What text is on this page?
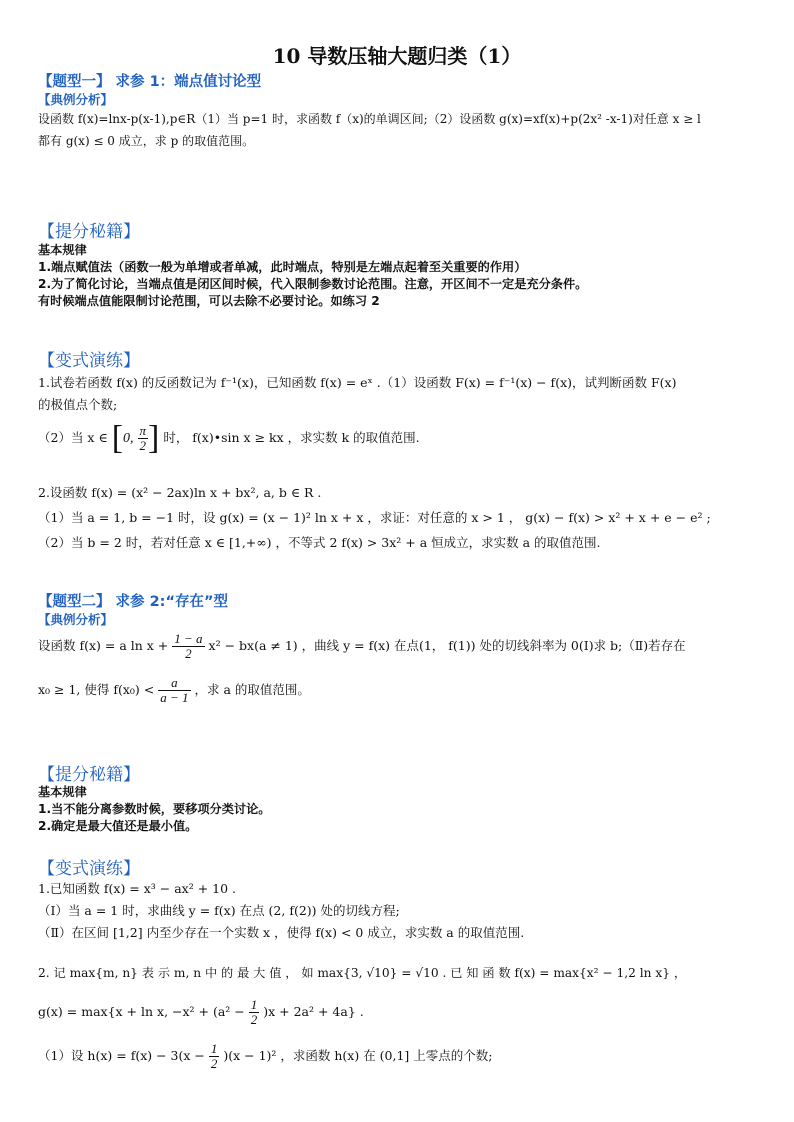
10 导数压轴大题归类（1）
【题型一】 求参 1：端点值讨论型
【典例分析】
设函数 f(x)=lnx-p(x-1),p∈R（1）当 p=1 时，求函数 f（x)的单调区间;（2）设函数 g(x)=xf(x)+p(2x² -x-1)对任意 x ≥ l
都有 g(x) ≤ 0 成立，求 p 的取值范围。
【提分秘籍】
基本规律
1.端点赋值法（函数一般为单增或者单减，此时端点，特别是左端点起着至关重要的作用）
2.为了简化讨论，当端点值是闭区间时候，代入限制参数讨论范围。注意，开区间不一定是充分条件。
有时候端点值能限制讨论范围，可以去除不必要讨论。如练习 2
【变式演练】
1.试卷若函数 f(x) 的反函数记为 f⁻¹(x)，已知函数 f(x) = eˣ .（1）设函数 F(x) = f⁻¹(x) − f(x)，试判断函数 F(x)
的极值点个数;
（2）当 x ∈ [0, $\frac{\pi}{2}$ ] 时， f(x)•sin x ≥ kx ，求实数 k 的取值范围.
2.设函数 f(x) = (x² − 2ax)ln x + bx², a, b ∈ R .
（1）当 a = 1, b = −1 时，设 g(x) = (x − 1)² ln x + x ，求证：对任意的 x > 1 ， g(x) − f(x) > x² + x + e − e² ;
（2）当 b = 2 时，若对任意 x ∈ [1,+∞) ，不等式 2 f(x) > 3x² + a 恒成立，求实数 a 的取值范围.
【题型二】 求参 2:“存在”型
【典例分析】
设函数 f(x) = a $\ln x + \frac{1 - a}{2} x^2 - bx(a \ne 1)$ ，曲线 y = f(x) 在点(1， f(1)) 处的切线斜率为 0(Ⅰ)求 b;（Ⅱ)若存在
x₀ ≥ 1, 使得 $f(x_0) < \frac{a}{a - 1}$ ，求 a 的取值范围。
【提分秘籍】
基本规律
1.当不能分离参数时候，要移项分类讨论。
2.确定是最大值还是最小值。
【变式演练】
1.已知函数 f(x) = x³ − ax² + 10 .
（Ⅰ）当 a = 1 时，求曲线 y = f(x) 在点 (2, f(2)) 处的切线方程;
（Ⅱ）在区间 [1,2] 内至少存在一个实数 x ，使得 f(x) < 0 成立，求实数 a 的取值范围.
2. 记 max{m, n} 表 示 m, n 中 的 最 大 值 ， 如 max{3, √10} = √10 . 已 知 函 数 f(x) = max{x² − 1,2 ln x} ，
g(x) = max{x + ln x, $-x^2 + (a^2 - \frac{1}{2} )x + 2a^2 + 4a$} .
（1）设 $h(x) = f(x) - 3(x - \frac{1}{2} )(x - 1)^2$ ，求函数 h(x) 在 (0,1] 上零点的个数;
